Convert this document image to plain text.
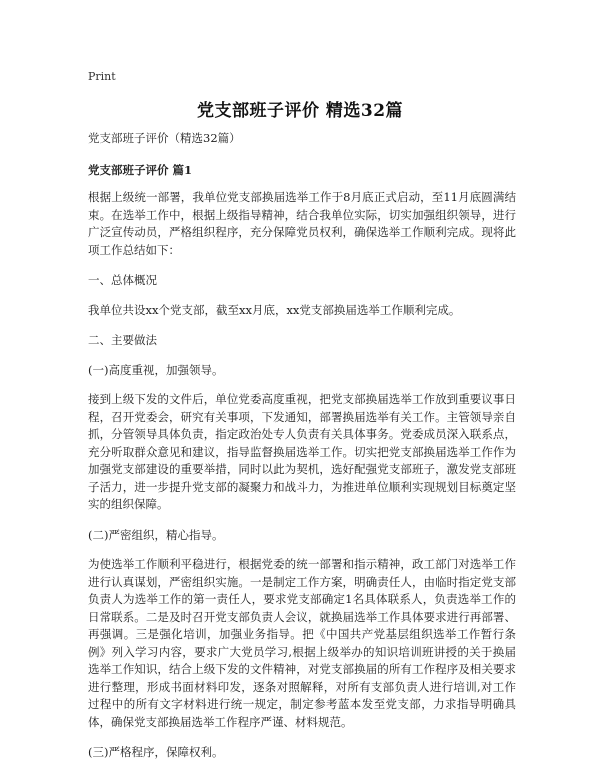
Print
党支部班子评价 精选32篇

党支部班子评价（精选32篇）

党支部班子评价 篇1

根据上级统一部署，我单位党支部换届选举工作于8月底正式启动，至11月底圆满结束。在选举工作中，根据上级指导精神，结合我单位实际，切实加强组织领导，进行广泛宣传动员，严格组织程序，充分保障党员权利，确保选举工作顺利完成。现将此项工作总结如下：

一、总体概况

我单位共设xx个党支部，截至xx月底，xx党支部换届选举工作顺利完成。

二、主要做法

(一)高度重视，加强领导。

接到上级下发的文件后，单位党委高度重视，把党支部换届选举工作放到重要议事日程，召开党委会，研究有关事项，下发通知，部署换届选举有关工作。主管领导亲自抓，分管领导具体负责，指定政治处专人负责有关具体事务。党委成员深入联系点，充分听取群众意见和建议，指导监督换届选举工作。切实把党支部换届选举工作作为加强党支部建设的重要举措，同时以此为契机，选好配强党支部班子，激发党支部班子活力，进一步提升党支部的凝聚力和战斗力，为推进单位顺利实现规划目标奠定坚实的组织保障。

(二)严密组织，精心指导。

为使选举工作顺利平稳进行，根据党委的统一部署和指示精神，政工部门对选举工作进行认真谋划，严密组织实施。一是制定工作方案，明确责任人，由临时指定党支部负责人为选举工作的第一责任人，要求党支部确定1名具体联系人，负责选举工作的日常联系。二是及时召开党支部负责人会议，就换届选举工作具体要求进行再部署、再强调。三是强化培训，加强业务指导。把《中国共产党基层组织选举工作暂行条例》列入学习内容，要求广大党员学习,根据上级举办的知识培训班讲授的关于换届选举工作知识，结合上级下发的文件精神，对党支部换届的所有工作程序及相关要求进行整理，形成书面材料印发，逐条对照解释，对所有支部负责人进行培训,对工作过程中的所有文字材料进行统一规定，制定参考蓝本发至党支部，力求指导明确具体，确保党支部换届选举工作程序严谨、材料规范。

(三)严格程序，保障权利。
